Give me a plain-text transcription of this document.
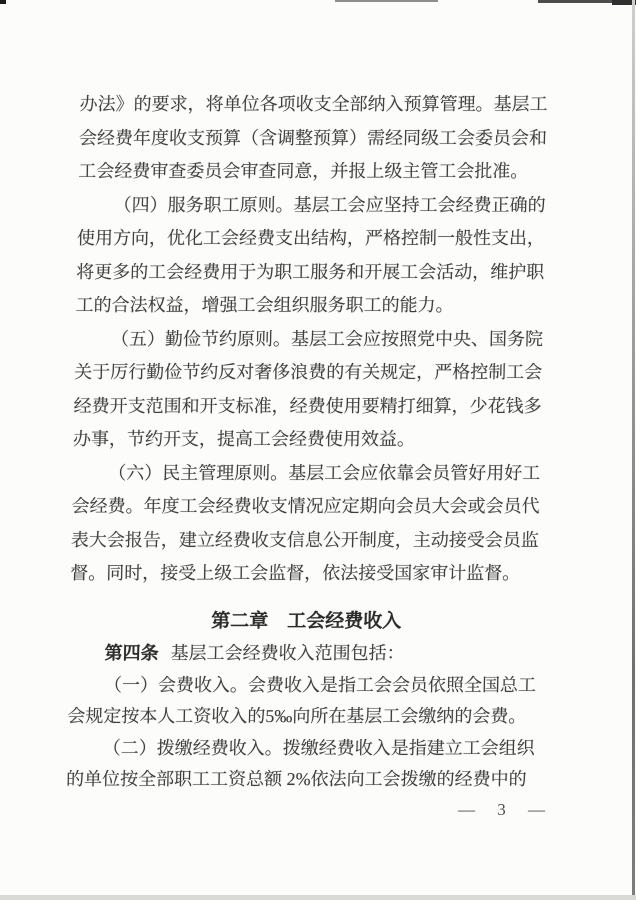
办法》的要求，将单位各项收支全部纳入预算管理。基层工
会经费年度收支预算（含调整预算）需经同级工会委员会和
工会经费审查委员会审查同意，并报上级主管工会批准。
（四）服务职工原则。基层工会应坚持工会经费正确的
使用方向，优化工会经费支出结构，严格控制一般性支出，
将更多的工会经费用于为职工服务和开展工会活动，维护职
工的合法权益，增强工会组织服务职工的能力。
（五）勤俭节约原则。基层工会应按照党中央、国务院
关于厉行勤俭节约反对奢侈浪费的有关规定，严格控制工会
经费开支范围和开支标准，经费使用要精打细算，少花钱多
办事，节约开支，提高工会经费使用效益。
（六）民主管理原则。基层工会应依靠会员管好用好工
会经费。年度工会经费收支情况应定期向会员大会或会员代
表大会报告，建立经费收支信息公开制度，主动接受会员监
督。同时，接受上级工会监督，依法接受国家审计监督。
第二章　工会经费收入
第四条 基层工会经费收入范围包括：
（一）会费收入。会费收入是指工会会员依照全国总工
会规定按本人工资收入的5‰向所在基层工会缴纳的会费。
（二）拨缴经费收入。拨缴经费收入是指建立工会组织
的单位按全部职工工资总额 2%依法向工会拨缴的经费中的
— 3 —
